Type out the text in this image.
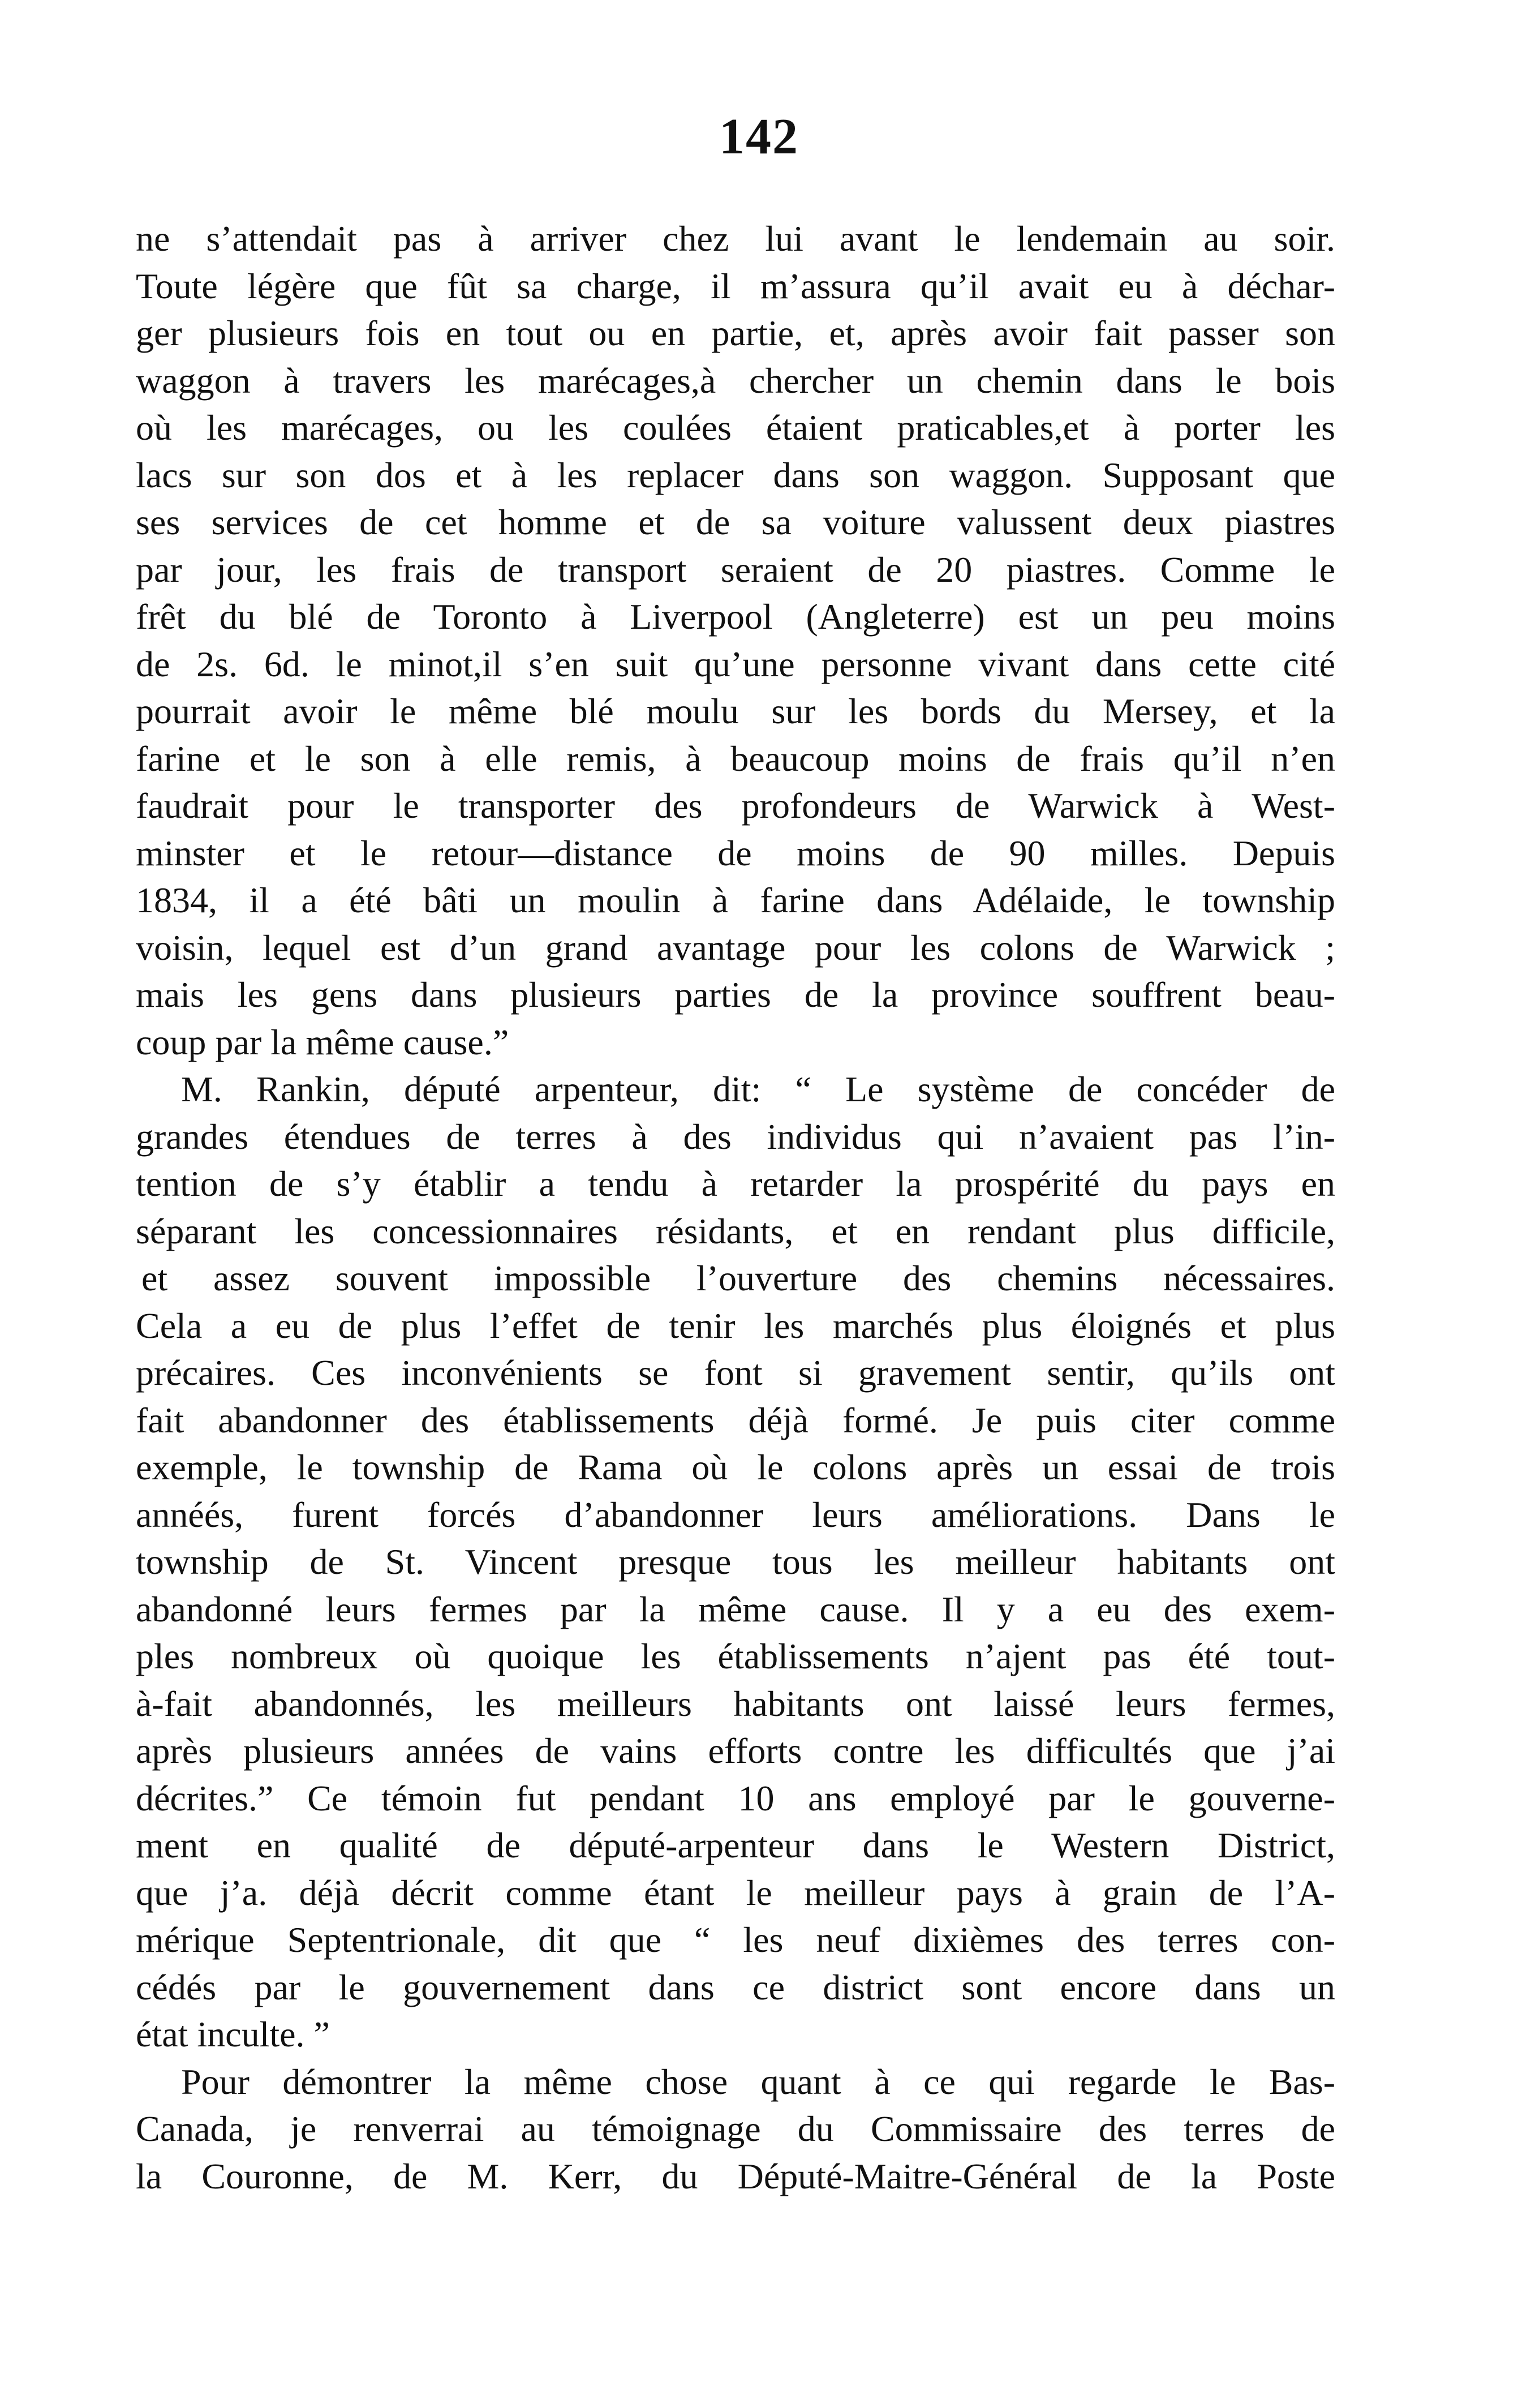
142
ne s’attendait pas à arriver chez lui avant le lendemain au soir.
Toute légère que fût sa charge, il m’assura qu’il avait eu à déchar-
ger plusieurs fois en tout ou en partie, et, après avoir fait passer son
waggon à travers les marécages,à chercher un chemin dans le bois
où les marécages, ou les coulées étaient praticables,et à porter les
lacs sur son dos et à les replacer dans son waggon. Supposant que
ses services de cet homme et de sa voiture valussent deux piastres
par jour, les frais de transport seraient de 20 piastres. Comme le
frêt du blé de Toronto à Liverpool (Angleterre) est un peu moins
de 2s. 6d. le minot,il s’en suit qu’une personne vivant dans cette cité
pourrait avoir le même blé moulu sur les bords du Mersey, et la
farine et le son à elle remis, à beaucoup moins de frais qu’il n’en
faudrait pour le transporter des profondeurs de Warwick à West-
minster et le retour—distance de moins de 90 milles. Depuis
1834, il a été bâti un moulin à farine dans Adélaide, le township
voisin, lequel est d’un grand avantage pour les colons de Warwick ;
mais les gens dans plusieurs parties de la province souffrent beau-
coup par la même cause.”
M. Rankin, député arpenteur, dit: “ Le système de concéder de
grandes étendues de terres à des individus qui n’avaient pas l’in-
tention de s’y établir a tendu à retarder la prospérité du pays en
séparant les concessionnaires résidants, et en rendant plus difficile,
et assez souvent impossible l’ouverture des chemins nécessaires.
Cela a eu de plus l’effet de tenir les marchés plus éloignés et plus
précaires. Ces inconvénients se font si gravement sentir, qu’ils ont
fait abandonner des établissements déjà formé. Je puis citer comme
exemple, le township de Rama où le colons après un essai de trois
annéés, furent forcés d’abandonner leurs améliorations. Dans le
township de St. Vincent presque tous les meilleur habitants ont
abandonné leurs fermes par la même cause. Il y a eu des exem-
ples nombreux où quoique les établissements n’ajent pas été tout-
à-fait abandonnés, les meilleurs habitants ont laissé leurs fermes,
après plusieurs années de vains efforts contre les difficultés que j’ai
décrites.” Ce témoin fut pendant 10 ans employé par le gouverne-
ment en qualité de député-arpenteur dans le Western District,
que j’a. déjà décrit comme étant le meilleur pays à grain de l’A-
mérique Septentrionale, dit que “ les neuf dixièmes des terres con-
cédés par le gouvernement dans ce district sont encore dans un
état inculte. ”
Pour démontrer la même chose quant à ce qui regarde le Bas-
Canada, je renverrai au témoignage du Commissaire des terres de
la Couronne, de M. Kerr, du Député-Maitre-Général de la Poste
